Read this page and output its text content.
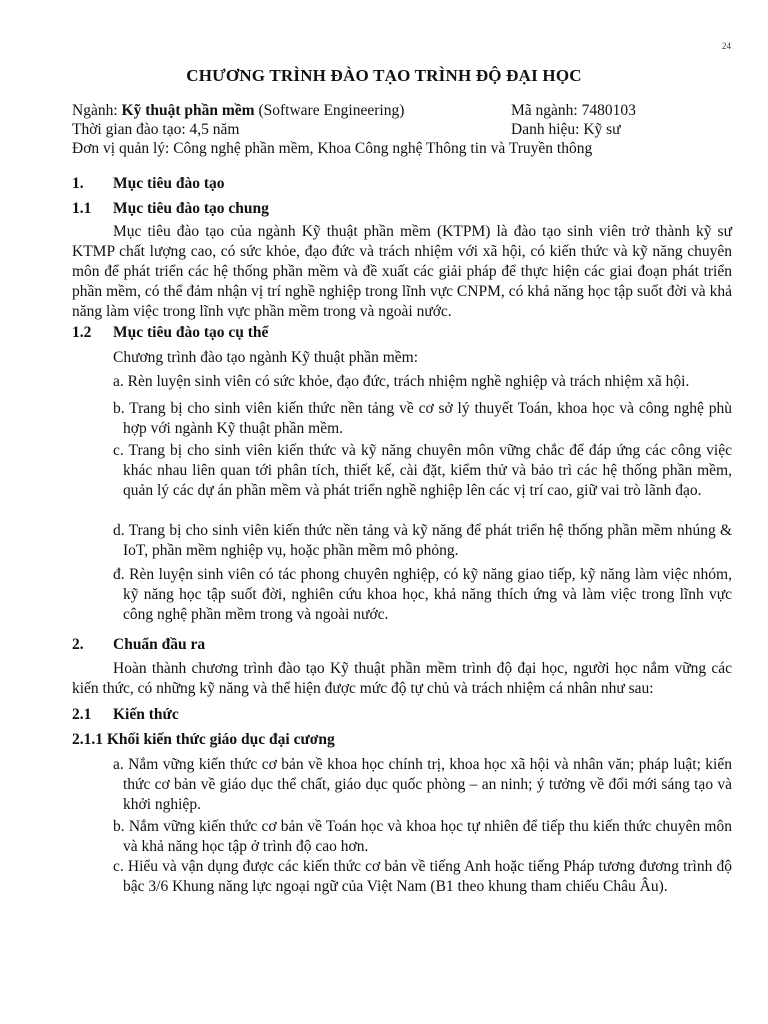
24
CHƯƠNG TRÌNH ĐÀO TẠO TRÌNH ĐỘ ĐẠI HỌC
Ngành: Kỹ thuật phần mềm (Software Engineering)	Mã ngành: 7480103
Thời gian đào tạo: 4,5 năm	Danh hiệu: Kỹ sư
Đơn vị quản lý: Công nghệ phần mềm, Khoa Công nghệ Thông tin và Truyền thông
1. Mục tiêu đào tạo
1.1 Mục tiêu đào tạo chung
Mục tiêu đào tạo của ngành Kỹ thuật phần mềm (KTPM) là đào tạo sinh viên trở thành kỹ sư KTMP chất lượng cao, có sức khỏe, đạo đức và trách nhiệm với xã hội, có kiến thức và kỹ năng chuyên môn để phát triển các hệ thống phần mềm và đề xuất các giải pháp để thực hiện các giai đoạn phát triển phần mềm, có thể đảm nhận vị trí nghề nghiệp trong lĩnh vực CNPM, có khả năng học tập suốt đời và khả năng làm việc trong lĩnh vực phần mềm trong và ngoài nước.
1.2 Mục tiêu đào tạo cụ thể
Chương trình đào tạo ngành Kỹ thuật phần mềm:
a. Rèn luyện sinh viên có sức khỏe, đạo đức, trách nhiệm nghề nghiệp và trách nhiệm xã hội.
b. Trang bị cho sinh viên kiến thức nền tảng về cơ sở lý thuyết Toán, khoa học và công nghệ phù hợp với ngành Kỹ thuật phần mềm.
c. Trang bị cho sinh viên kiến thức và kỹ năng chuyên môn vững chắc để đáp ứng các công việc khác nhau liên quan tới phân tích, thiết kế, cài đặt, kiểm thử và bảo trì các hệ thống phần mềm, quản lý các dự án phần mềm và phát triển nghề nghiệp lên các vị trí cao, giữ vai trò lãnh đạo.
d. Trang bị cho sinh viên kiến thức nền tảng và kỹ năng để phát triển hệ thống phần mềm nhúng & IoT, phần mềm nghiệp vụ, hoặc phần mềm mô phỏng.
đ. Rèn luyện sinh viên có tác phong chuyên nghiệp, có kỹ năng giao tiếp, kỹ năng làm việc nhóm, kỹ năng học tập suốt đời, nghiên cứu khoa học, khả năng thích ứng và làm việc trong lĩnh vực công nghệ phần mềm trong và ngoài nước.
2. Chuẩn đầu ra
Hoàn thành chương trình đào tạo Kỹ thuật phần mềm trình độ đại học, người học nắm vững các kiến thức, có những kỹ năng và thể hiện được mức độ tự chủ và trách nhiệm cá nhân như sau:
2.1 Kiến thức
2.1.1 Khối kiến thức giáo dục đại cương
a. Nắm vững kiến thức cơ bản về khoa học chính trị, khoa học xã hội và nhân văn; pháp luật; kiến thức cơ bản về giáo dục thể chất, giáo dục quốc phòng – an ninh; ý tưởng về đổi mới sáng tạo và khởi nghiệp.
b. Nắm vững kiến thức cơ bản về Toán học và khoa học tự nhiên để tiếp thu kiến thức chuyên môn và khả năng học tập ở trình độ cao hơn.
c. Hiểu và vận dụng được các kiến thức cơ bản về tiếng Anh hoặc tiếng Pháp tương đương trình độ bậc 3/6 Khung năng lực ngoại ngữ của Việt Nam (B1 theo khung tham chiếu Châu Âu).
